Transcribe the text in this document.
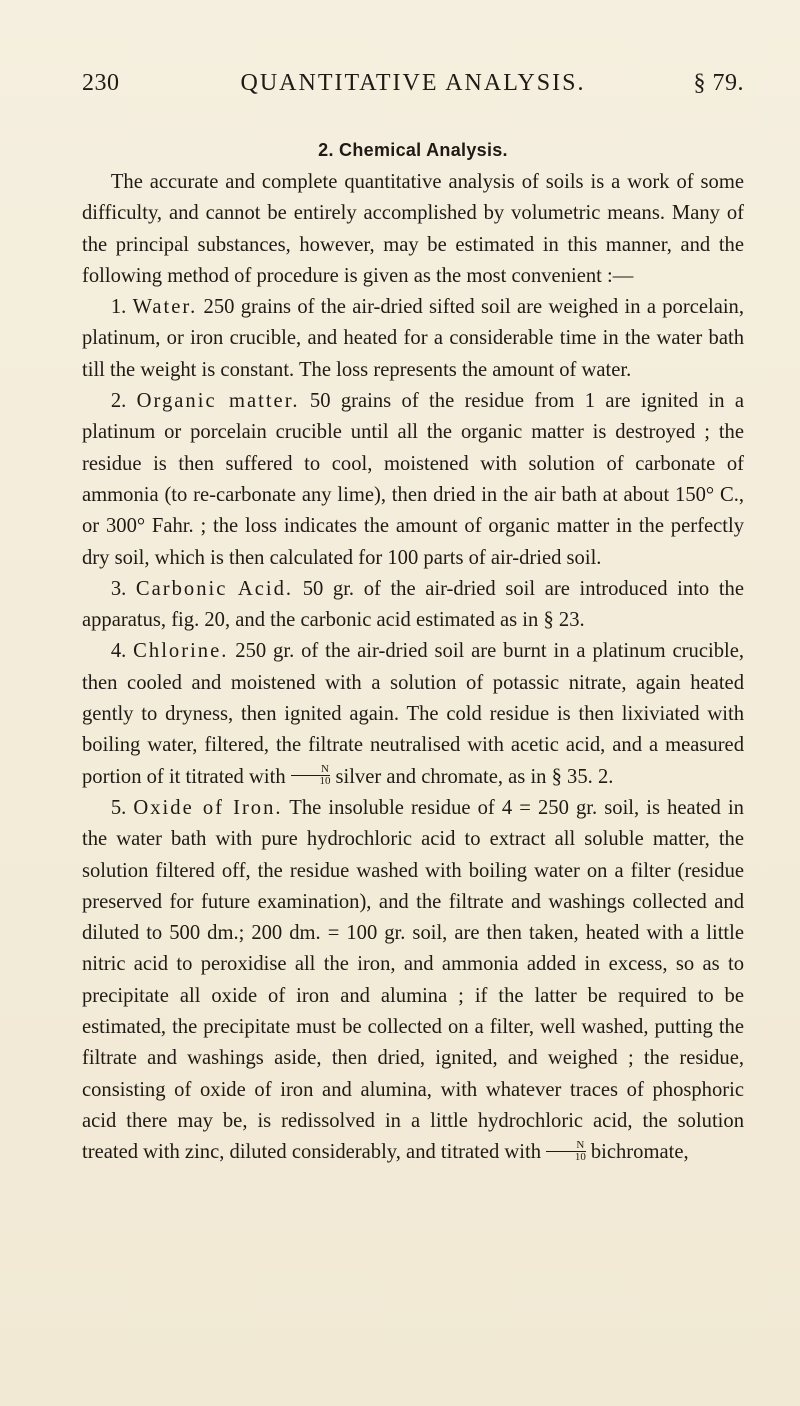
230	QUANTITATIVE ANALYSIS.	§ 79.
2. Chemical Analysis.

The accurate and complete quantitative analysis of soils is a work of some difficulty, and cannot be entirely accomplished by volumetric means. Many of the principal substances, however, may be estimated in this manner, and the following method of procedure is given as the most convenient :—

1. Water. 250 grains of the air-dried sifted soil are weighed in a porcelain, platinum, or iron crucible, and heated for a considerable time in the water bath till the weight is constant. The loss represents the amount of water.

2. Organic matter. 50 grains of the residue from 1 are ignited in a platinum or porcelain crucible until all the organic matter is destroyed ; the residue is then suffered to cool, moistened with solution of carbonate of ammonia (to re-carbonate any lime), then dried in the air bath at about 150° C., or 300° Fahr. ; the loss indicates the amount of organic matter in the perfectly dry soil, which is then calculated for 100 parts of air-dried soil.

3. Carbonic Acid. 50 gr. of the air-dried soil are introduced into the apparatus, fig. 20, and the carbonic acid estimated as in § 23.

4. Chlorine. 250 gr. of the air-dried soil are burnt in a platinum crucible, then cooled and moistened with a solution of potassic nitrate, again heated gently to dryness, then ignited again. The cold residue is then lixiviated with boiling water, filtered, the filtrate neutralised with acetic acid, and a measured portion of it titrated with $\frac{N}{10}$ silver and chromate, as in § 35. 2.

5. Oxide of Iron. The insoluble residue of 4 = 250 gr. soil, is heated in the water bath with pure hydrochloric acid to extract all soluble matter, the solution filtered off, the residue washed with boiling water on a filter (residue preserved for future examination), and the filtrate and washings collected and diluted to 500 dm.; 200 dm. = 100 gr. soil, are then taken, heated with a little nitric acid to peroxidise all the iron, and ammonia added in excess, so as to precipitate all oxide of iron and alumina ; if the latter be required to be estimated, the precipitate must be collected on a filter, well washed, putting the filtrate and washings aside, then dried, ignited, and weighed ; the residue, consisting of oxide of iron and alumina, with whatever traces of phosphoric acid there may be, is redissolved in a little hydrochloric acid, the solution treated with zinc, diluted considerably, and titrated with $\frac{N}{10}$ bichromate,
